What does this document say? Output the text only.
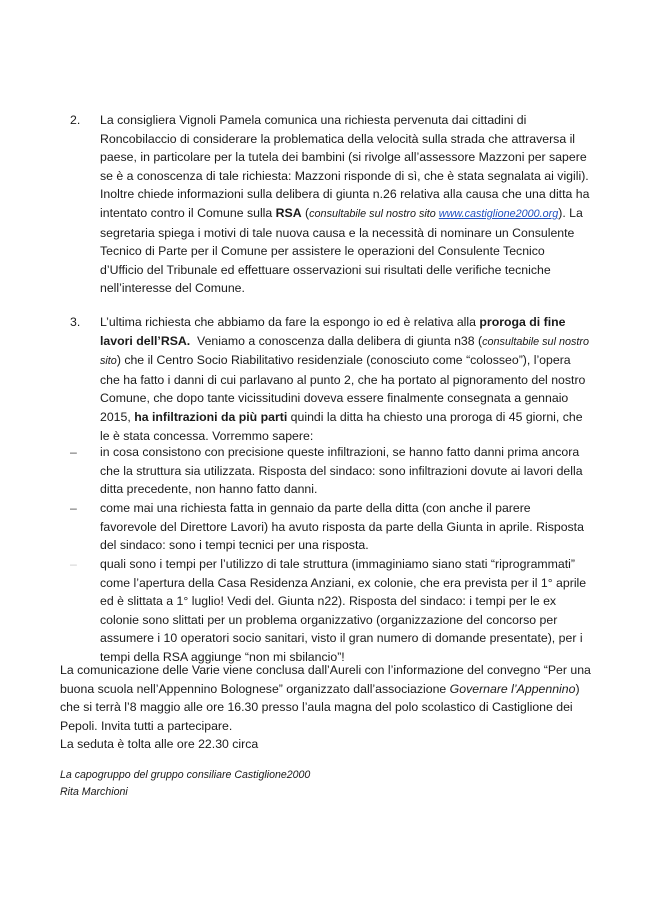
2.	La consigliera Vignoli Pamela comunica una richiesta pervenuta dai cittadini di Roncobilaccio di considerare la problematica della velocità sulla strada che attraversa il paese, in particolare per la tutela dei bambini (si rivolge all’assessore Mazzoni per sapere se è a conoscenza di tale richiesta: Mazzoni risponde di sì, che è stata segnalata ai vigili).
Inoltre chiede informazioni sulla delibera di giunta n.26 relativa alla causa che una ditta ha intentato contro il Comune sulla RSA (consultabile sul nostro sito www.castiglione2000.org). La segretaria spiega i motivi di tale nuova causa e la necessità di nominare un Consulente Tecnico di Parte per il Comune per assistere le operazioni del Consulente Tecnico d’Ufficio del Tribunale ed effettuare osservazioni sui risultati delle verifiche tecniche nell’interesse del Comune.
3.	L’ultima richiesta che abbiamo da fare la espongo io ed è relativa alla proroga di fine lavori dell’RSA.  Veniamo a conoscenza dalla delibera di giunta n38 (consultabile sul nostro sito) che il Centro Socio Riabilitativo residenziale (conosciuto come “colosseo”), l’opera che ha fatto i danni di cui parlavano al punto 2, che ha portato al pignoramento del nostro Comune, che dopo tante vicissitudini doveva essere finalmente consegnata a gennaio 2015, ha infiltrazioni da più parti quindi la ditta ha chiesto una proroga di 45 giorni, che le è stata concessa. Vorremmo sapere:
–	in cosa consistono con precisione queste infiltrazioni, se hanno fatto danni prima ancora che la struttura sia utilizzata. Risposta del sindaco: sono infiltrazioni dovute ai lavori della ditta precedente, non hanno fatto danni.
–	come mai una richiesta fatta in gennaio da parte della ditta (con anche il parere favorevole del Direttore Lavori) ha avuto risposta da parte della Giunta in aprile. Risposta del sindaco: sono i tempi tecnici per una risposta.
–	quali sono i tempi per l’utilizzo di tale struttura (immaginiamo siano stati “riprogrammati” come l’apertura della Casa Residenza Anziani, ex colonie, che era prevista per il 1° aprile ed è slittata a 1° luglio! Vedi del. Giunta n22). Risposta del sindaco: i tempi per le ex colonie sono slittati per un problema organizzativo (organizzazione del concorso per assumere i 10 operatori socio sanitari, visto il gran numero di domande presentate), per i tempi della RSA aggiunge “non mi sbilancio”!
La comunicazione delle Varie viene conclusa dall’Aureli con l’informazione del convegno “Per una buona scuola nell’Appennino Bolognese” organizzato dall’associazione Governare l’Appennino) che si terrà l’8 maggio alle ore 16.30 presso l’aula magna del polo scolastico di Castiglione dei Pepoli. Invita tutti a partecipare.
La seduta è tolta alle ore 22.30 circa
La capogruppo del gruppo consiliare Castiglione2000
Rita Marchioni
